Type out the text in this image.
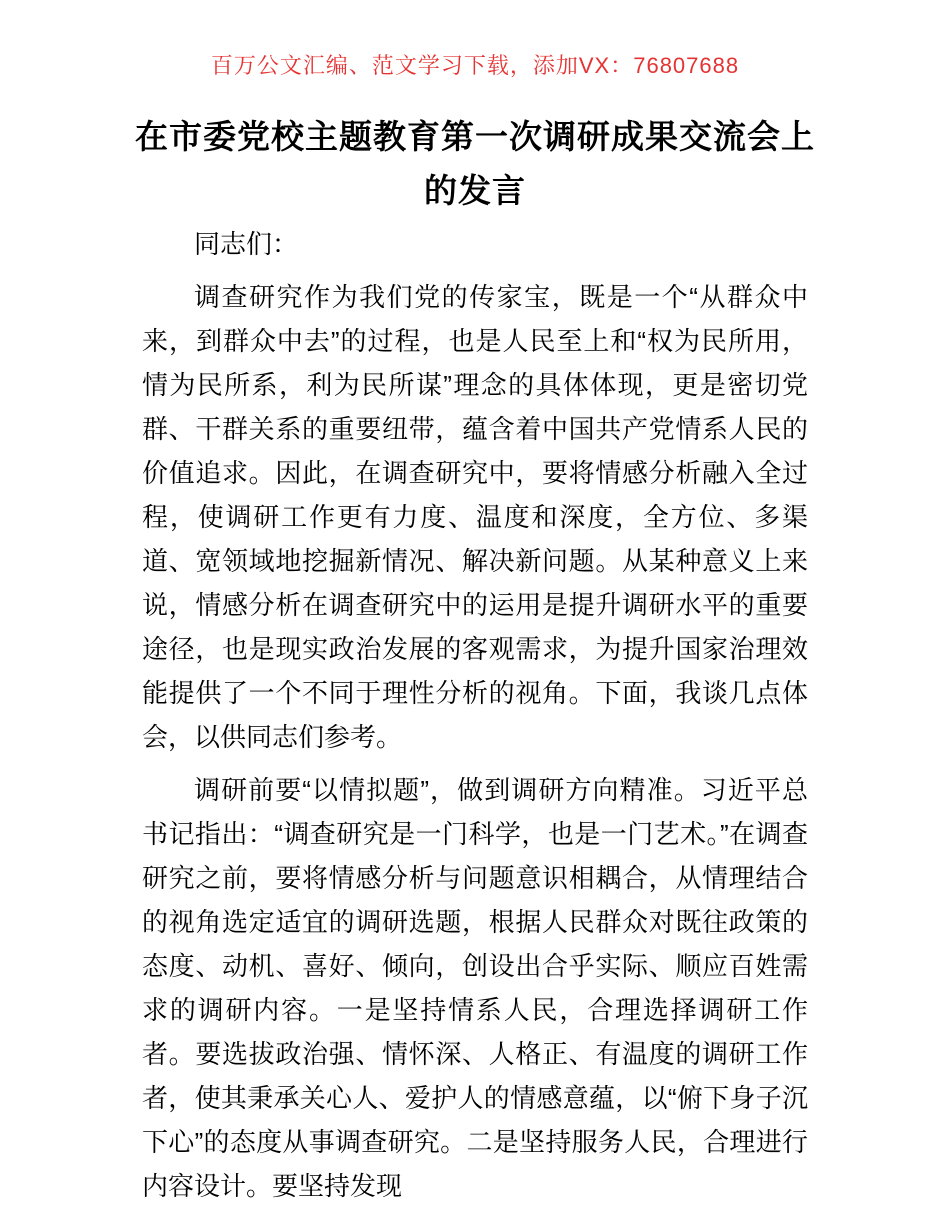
百万公文汇编、范文学习下载，添加VX：76807688
在市委党校主题教育第一次调研成果交流会上的发言

同志们：

调查研究作为我们党的传家宝，既是一个“从群众中来，到群众中去”的过程，也是人民至上和“权为民所用，情为民所系，利为民所谋”理念的具体体现，更是密切党群、干群关系的重要纽带，蕴含着中国共产党情系人民的价值追求。因此，在调查研究中，要将情感分析融入全过程，使调研工作更有力度、温度和深度，全方位、多渠道、宽领域地挖掘新情况、解决新问题。从某种意义上来说，情感分析在调查研究中的运用是提升调研水平的重要途径，也是现实政治发展的客观需求，为提升国家治理效能提供了一个不同于理性分析的视角。下面，我谈几点体会，以供同志们参考。

调研前要“以情拟题”，做到调研方向精准。习近平总书记指出：“调查研究是一门科学，也是一门艺术。”在调查研究之前，要将情感分析与问题意识相耦合，从情理结合的视角选定适宜的调研选题，根据人民群众对既往政策的态度、动机、喜好、倾向，创设出合乎实际、顺应百姓需求的调研内容。一是坚持情系人民，合理选择调研工作者。要选拔政治强、情怀深、人格正、有温度的调研工作者，使其秉承关心人、爱护人的情感意蕴，以“俯下身子沉下心”的态度从事调查研究。二是坚持服务人民，合理进行内容设计。要坚持发现
